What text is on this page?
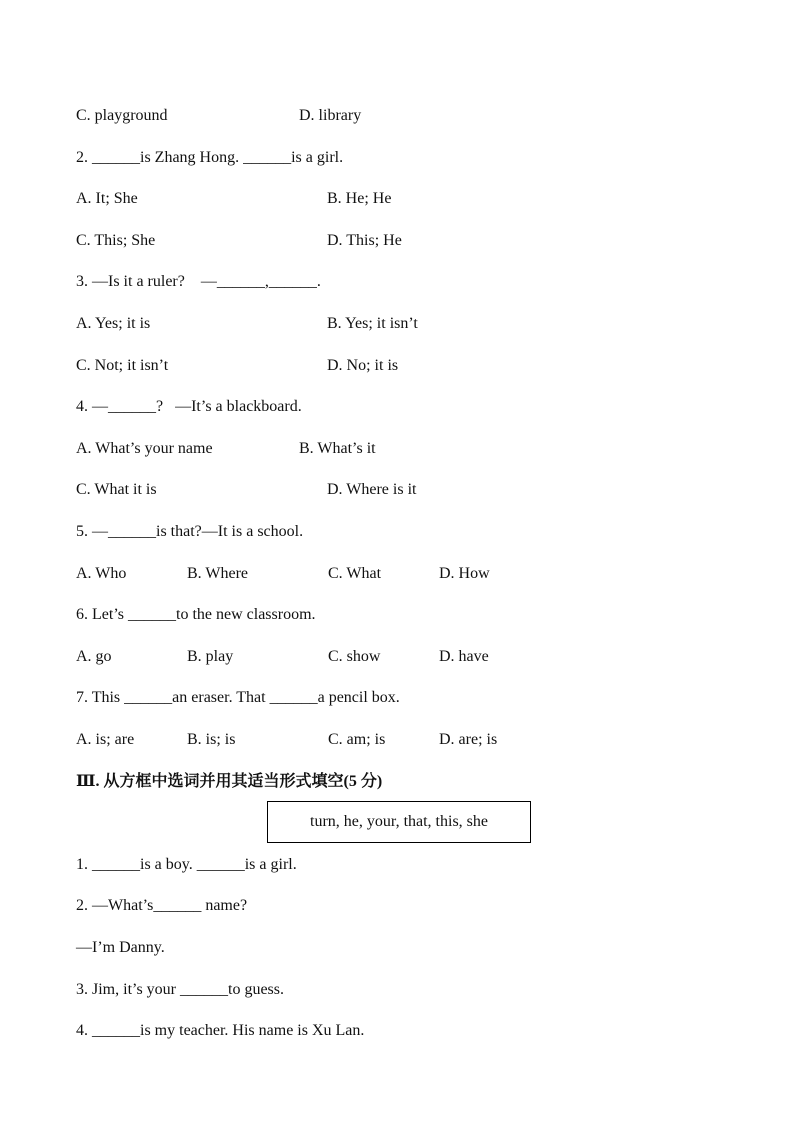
C. playground	D. library
2. ______is Zhang Hong. ______is a girl.
A. It; She	B. He; He
C. This; She	D. This; He
3. —Is it a ruler?    —______,______.
A. Yes; it is	B. Yes; it isn’t
C. Not; it isn’t	D. No; it is
4. —______?   —It’s a blackboard.
A. What’s your name	B. What’s it
C. What it is	D. Where is it
5. —______is that?—It is a school.
A. Who	B. Where	C. What	D. How
6. Let’s ______to the new classroom.
A. go	B. play	C. show	D. have
7. This ______an eraser. That ______a pencil box.
A. is; are	B. is; is	C. am; is	D. are; is
Ⅲ. 从方框中选词并用其适当形式填空(5 分)
turn, he, your, that, this, she
1. ______is a boy. ______is a girl.
2. —What’s______ name?
—I’m Danny.
3. Jim, it’s your ______to guess.
4. ______is my teacher. His name is Xu Lan.
